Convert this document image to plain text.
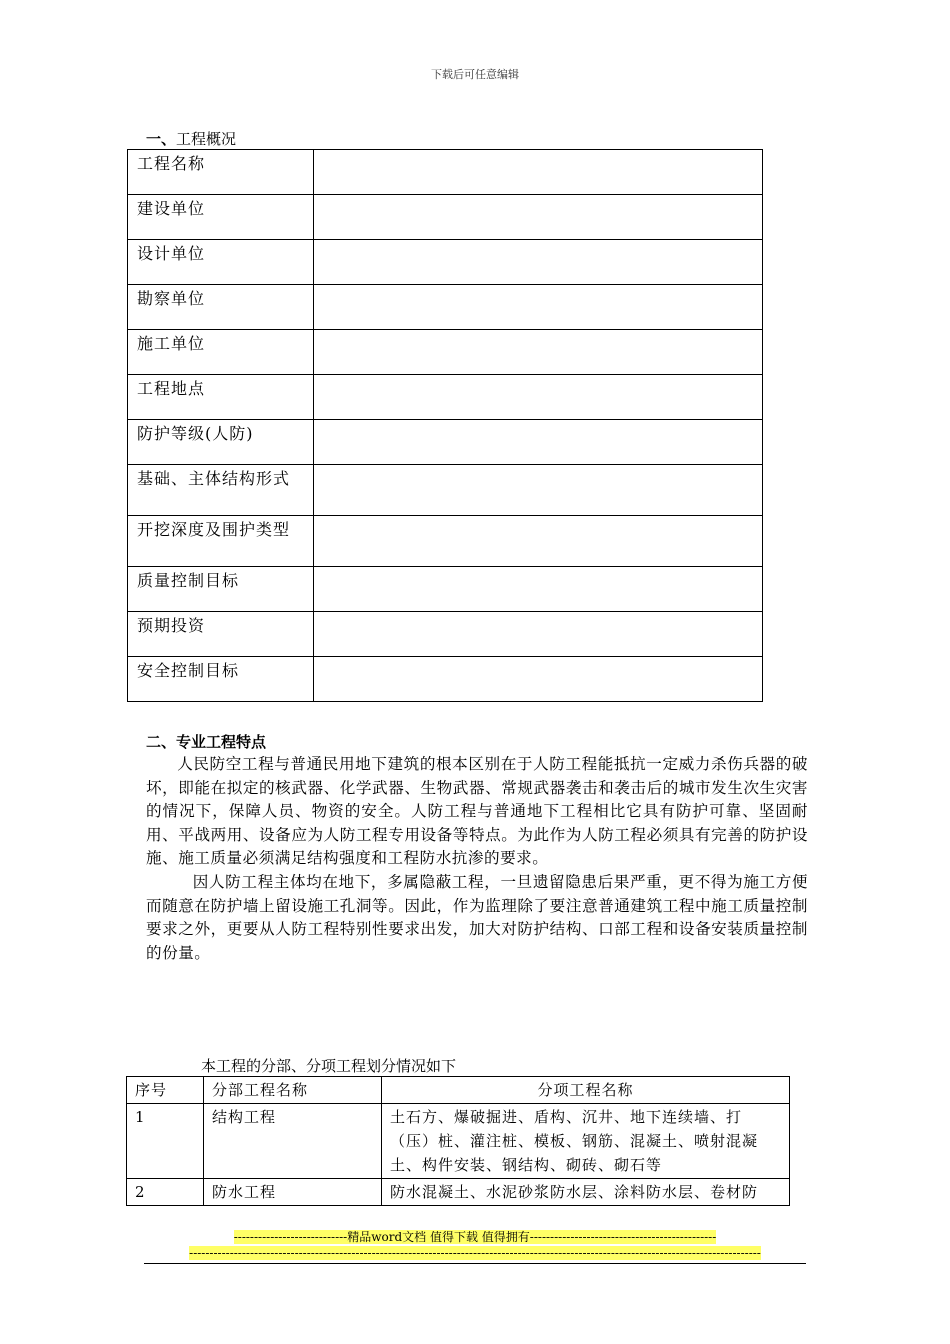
下载后可任意编辑
一、工程概况
工程名称	
建设单位	
设计单位	
勘察单位	
施工单位	
工程地点	
防护等级(人防)	
基础、主体结构形式	
开挖深度及围护类型	
质量控制目标	
预期投资	
安全控制目标	
二、专业工程特点

人民防空工程与普通民用地下建筑的根本区别在于人防工程能抵抗一定威力杀伤兵器的破坏，即能在拟定的核武器、化学武器、生物武器、常规武器袭击和袭击后的城市发生次生灾害的情况下，保障人员、物资的安全。人防工程与普通地下工程相比它具有防护可靠、坚固耐用、平战两用、设备应为人防工程专用设备等特点。为此作为人防工程必须具有完善的防护设施、施工质量必须满足结构强度和工程防水抗渗的要求。

因人防工程主体均在地下，多属隐蔽工程，一旦遗留隐患后果严重，更不得为施工方便而随意在防护墙上留设施工孔洞等。因此，作为监理除了要注意普通建筑工程中施工质量控制要求之外，更要从人防工程特别性要求出发，加大对防护结构、口部工程和设备安装质量控制的份量。

本工程的分部、分项工程划分情况如下
序号	分部工程名称	分项工程名称
1	结构工程	土石方、爆破掘进、盾构、沉井、地下连续墙、打（压）桩、灌注桩、模板、钢筋、混凝土、喷射混凝土、构件安装、钢结构、砌砖、砌石等
2	防水工程	防水混凝土、水泥砂浆防水层、涂料防水层、卷材防
----------------------------精品word文档 值得下载 值得拥有----------------------------------------------
---------------------------------------------------------------------------------------------------------------------------------------------
